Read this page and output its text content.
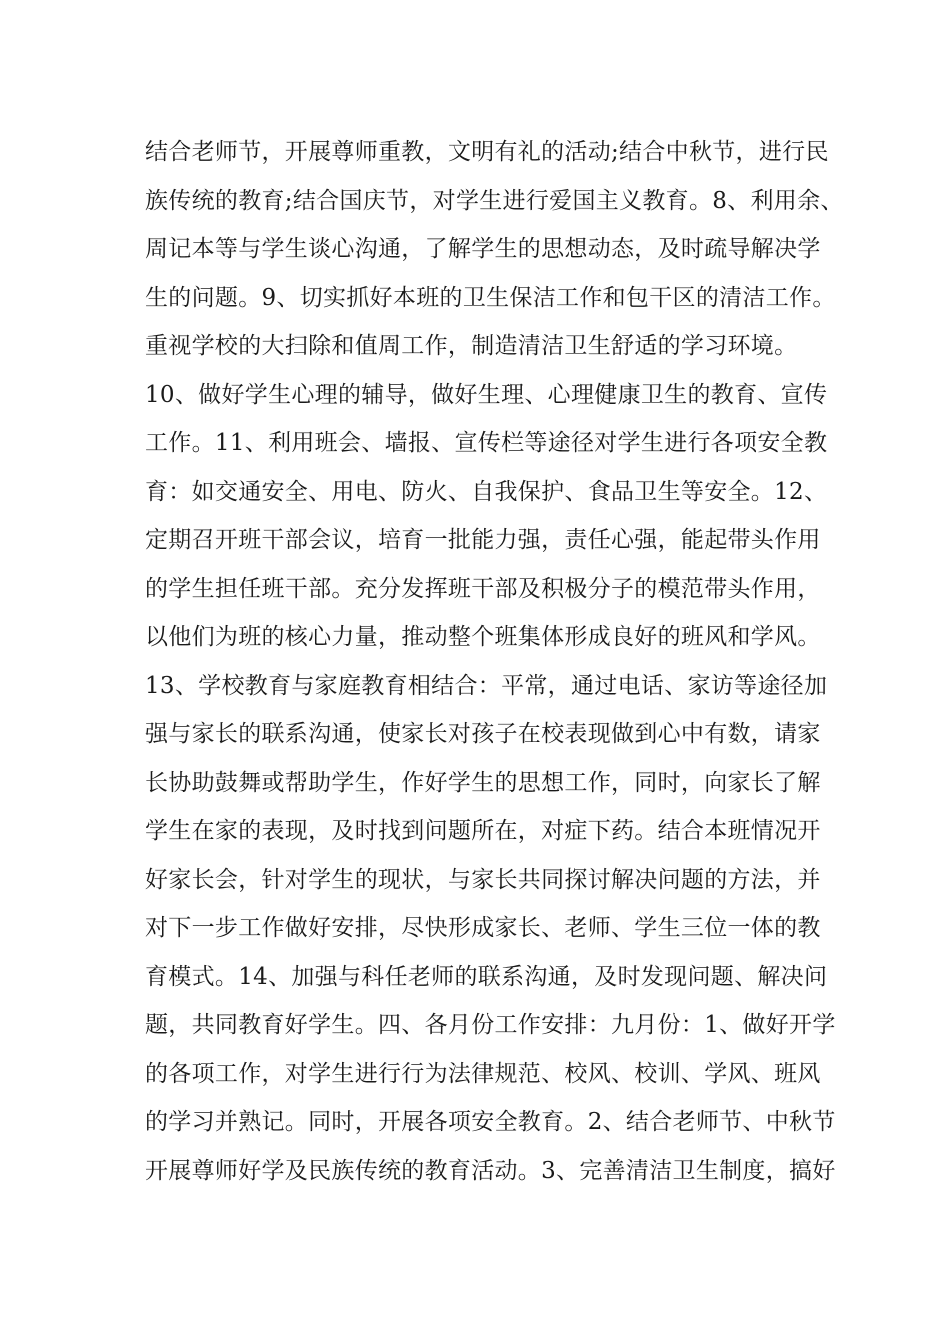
结合老师节，开展尊师重教，文明有礼的活动;结合中秋节，进行民
族传统的教育;结合国庆节，对学生进行爱国主义教育。8、利用余、
周记本等与学生谈心沟通，了解学生的思想动态，及时疏导解决学
生的问题。9、切实抓好本班的卫生保洁工作和包干区的清洁工作。
重视学校的大扫除和值周工作，制造清洁卫生舒适的学习环境。
10、做好学生心理的辅导，做好生理、心理健康卫生的教育、宣传
工作。11、利用班会、墙报、宣传栏等途径对学生进行各项安全教
育：如交通安全、用电、防火、自我保护、食品卫生等安全。12、
定期召开班干部会议，培育一批能力强，责任心强，能起带头作用
的学生担任班干部。充分发挥班干部及积极分子的模范带头作用，
以他们为班的核心力量，推动整个班集体形成良好的班风和学风。
13、学校教育与家庭教育相结合：平常，通过电话、家访等途径加
强与家长的联系沟通，使家长对孩子在校表现做到心中有数，请家
长协助鼓舞或帮助学生，作好学生的思想工作，同时，向家长了解
学生在家的表现，及时找到问题所在，对症下药。结合本班情况开
好家长会，针对学生的现状，与家长共同探讨解决问题的方法，并
对下一步工作做好安排，尽快形成家长、老师、学生三位一体的教
育模式。14、加强与科任老师的联系沟通，及时发现问题、解决问
题，共同教育好学生。四、各月份工作安排：九月份：1、做好开学
的各项工作，对学生进行行为法律规范、校风、校训、学风、班风
的学习并熟记。同时，开展各项安全教育。2、结合老师节、中秋节
开展尊师好学及民族传统的教育活动。3、完善清洁卫生制度，搞好
